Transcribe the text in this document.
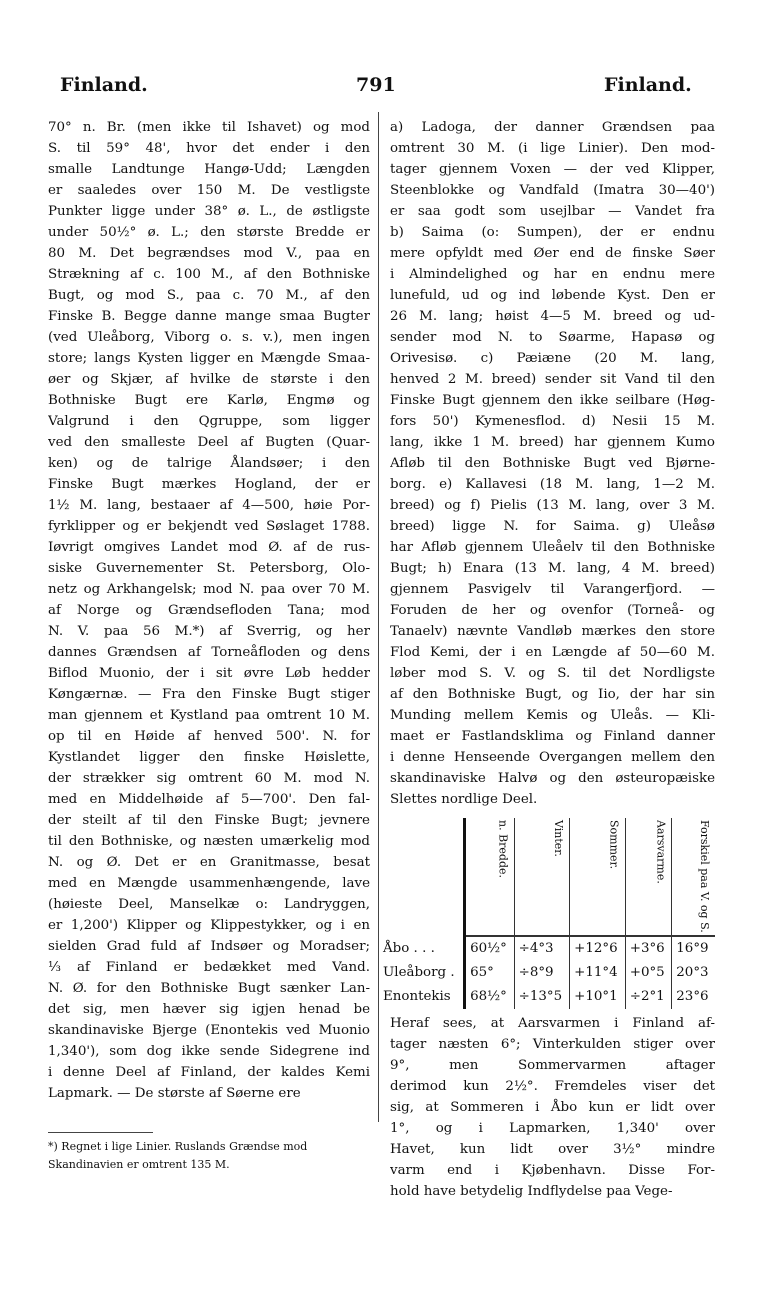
Finland.	791	Finland.
70° n. Br. (men ikke til Ishavet) og mod
S. til 59° 48', hvor det ender i den
smalle Landtunge Hangø-Udd; Længden
er saaledes over 150 M. De vestligste
Punkter ligge under 38° ø. L., de østligste
under 50½° ø. L.; den største Bredde er
80 M. Det begrændses mod V., paa en
Strækning af c. 100 M., af den Bothniske
Bugt, og mod S., paa c. 70 M., af den
Finske B. Begge danne mange smaa Bugter
(ved Uleåborg, Viborg o. s. v.), men ingen
store; langs Kysten ligger en Mængde Smaa-
øer og Skjær, af hvilke de største i den
Bothniske Bugt ere Karlø, Engmø og
Valgrund i den Qgruppe, som ligger
ved den smalleste Deel af Bugten (Quar-
ken) og de talrige Ålandsøer; i den
Finske Bugt mærkes Hogland, der er
1½ M. lang, bestaaer af 4—500, høie Por-
fyrklipper og er bekjendt ved Søslaget 1788.
Iøvrigt omgives Landet mod Ø. af de rus-
siske Guvernementer St. Petersborg, Olo-
netz og Arkhangelsk; mod N. paa over 70 M.
af Norge og Grændsefloden Tana; mod
N. V. paa 56 M.*) af Sverrig, og her
dannes Grændsen af Torneåfloden og dens
Biflod Muonio, der i sit øvre Løb hedder
Køngærnæ. — Fra den Finske Bugt stiger
man gjennem et Kystland paa omtrent 10 M.
op til en Høide af henved 500'. N. for
Kystlandet ligger den finske Høislette,
der strækker sig omtrent 60 M. mod N.
med en Middelhøide af 5—700'. Den fal-
der steilt af til den Finske Bugt; jevnere
til den Bothniske, og næsten umærkelig mod
N. og Ø. Det er en Granitmasse, besat
med en Mængde usammenhængende, lave
(høieste Deel, Manselkæ o: Landryggen,
er 1,200') Klipper og Klippestykker, og i en
sielden Grad fuld af Indsøer og Moradser;
⅓ af Finland er bedækket med Vand.
N. Ø. for den Bothniske Bugt sænker Lan-
det sig, men hæver sig igjen henad be
skandinaviske Bjerge (Enontekis ved Muonio
1,340'), som dog ikke sende Sidegrene ind
i denne Deel af Finland, der kaldes Kemi
Lapmark. — De største af Søerne ere
a) Ladoga, der danner Grændsen paa
omtrent 30 M. (i lige Linier). Den mod-
tager gjennem Voxen — der ved Klipper,
Steenblokke og Vandfald (Imatra 30—40')
er saa godt som usejlbar — Vandet fra
b) Saima (o: Sumpen), der er endnu
mere opfyldt med Øer end de finske Søer
i Almindelighed og har en endnu mere
lunefuld, ud og ind løbende Kyst. Den er
26 M. lang; høist 4—5 M. breed og ud-
sender mod N. to Søarme, Hapasø og
Orivesisø. c) Pæiæne (20 M. lang,
henved 2 M. breed) sender sit Vand til den
Finske Bugt gjennem den ikke seilbare (Høg-
fors 50') Kymenesflod. d) Nesii 15 M.
lang, ikke 1 M. breed) har gjennem Kumo
Afløb til den Bothniske Bugt ved Bjørne-
borg. e) Kallavesi (18 M. lang, 1—2 M.
breed) og f) Pielis (13 M. lang, over 3 M.
breed) ligge N. for Saima. g) Uleåsø
har Afløb gjennem Uleåelv til den Bothniske
Bugt; h) Enara (13 M. lang, 4 M. breed)
gjennem Pasvigelv til Varangerfjord. —
Foruden de her og ovenfor (Torneå- og
Tanaelv) nævnte Vandløb mærkes den store
Flod Kemi, der i en Længde af 50—60 M.
løber mod S. V. og S. til det Nordligste
af den Bothniske Bugt, og Iio, der har sin
Munding mellem Kemis og Uleås. — Kli-
maet er Fastlandsklima og Finland danner
i denne Henseende Overgangen mellem den
skandinaviske Halvø og den østeuropæiske
Slettes nordlige Deel.
	n. Bredde.	Vinter.	Sommer.	Aarsvarme.	Forskiel paa V. og S.
Åbo . . .	60½°	÷4°3	+12°6	+3°6	16°9
Uleåborg .	65°	÷8°9	+11°4	+0°5	20°3
Enontekis	68½°	÷13°5	+10°1	÷2°1	23°6
Heraf sees, at Aarsvarmen i Finland af-
tager næsten 6°; Vinterkulden stiger over
9°, men Sommervarmen aftager
derimod kun 2½°. Fremdeles viser det
sig, at Sommeren i Åbo kun er lidt over
1°, og i Lapmarken, 1,340' over
Havet, kun lidt over 3½° mindre
varm end i Kjøbenhavn. Disse For-
hold have betydelig Indflydelse paa Vege-
*) Regnet i lige Linier. Ruslands Grændse mod
Skandinavien er omtrent 135 M.
